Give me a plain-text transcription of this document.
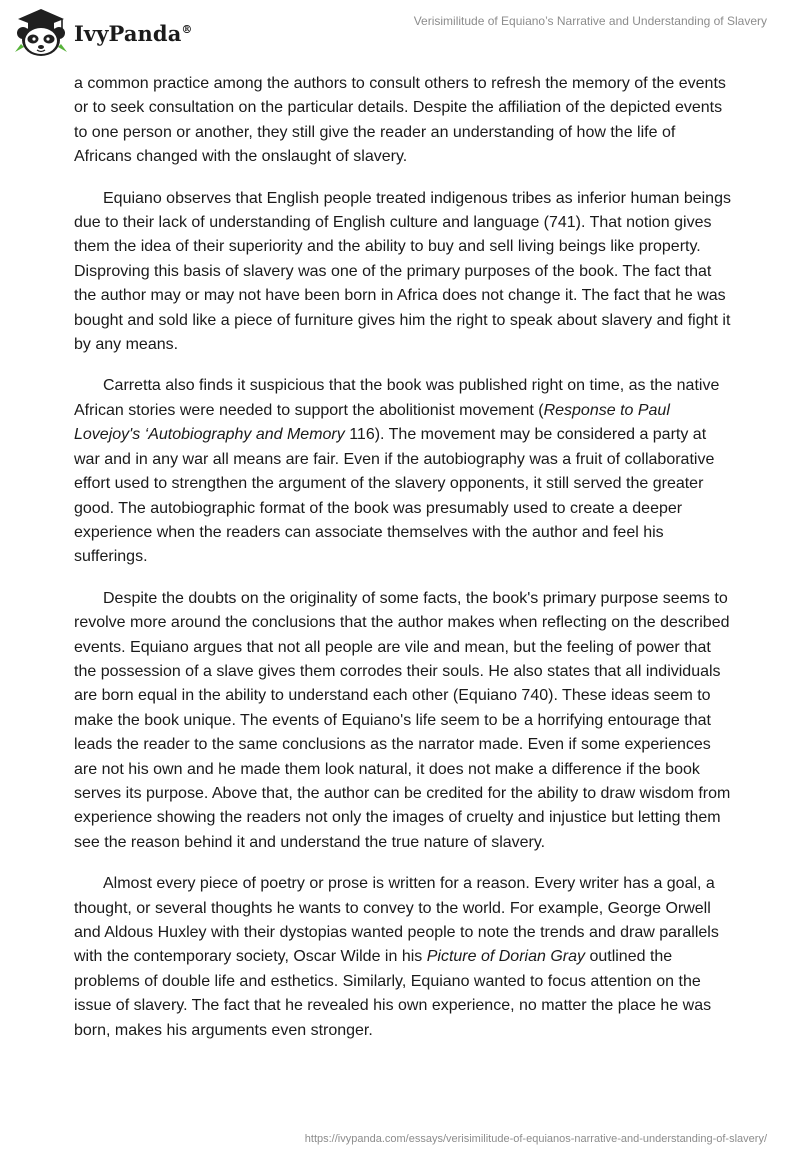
IvyPanda®
Verisimilitude of Equiano’s Narrative and Understanding of Slavery

a common practice among the authors to consult others to refresh the memory of the events or to seek consultation on the particular details. Despite the affiliation of the depicted events to one person or another, they still give the reader an understanding of how the life of Africans changed with the onslaught of slavery.

Equiano observes that English people treated indigenous tribes as inferior human beings due to their lack of understanding of English culture and language (741). That notion gives them the idea of their superiority and the ability to buy and sell living beings like property. Disproving this basis of slavery was one of the primary purposes of the book. The fact that the author may or may not have been born in Africa does not change it. The fact that he was bought and sold like a piece of furniture gives him the right to speak about slavery and fight it by any means.

Carretta also finds it suspicious that the book was published right on time, as the native African stories were needed to support the abolitionist movement (Response to Paul Lovejoy's ‘Autobiography and Memory 116). The movement may be considered a party at war and in any war all means are fair. Even if the autobiography was a fruit of collaborative effort used to strengthen the argument of the slavery opponents, it still served the greater good. The autobiographic format of the book was presumably used to create a deeper experience when the readers can associate themselves with the author and feel his sufferings.

Despite the doubts on the originality of some facts, the book's primary purpose seems to revolve more around the conclusions that the author makes when reflecting on the described events. Equiano argues that not all people are vile and mean, but the feeling of power that the possession of a slave gives them corrodes their souls. He also states that all individuals are born equal in the ability to understand each other (Equiano 740). These ideas seem to make the book unique. The events of Equiano's life seem to be a horrifying entourage that leads the reader to the same conclusions as the narrator made. Even if some experiences are not his own and he made them look natural, it does not make a difference if the book serves its purpose. Above that, the author can be credited for the ability to draw wisdom from experience showing the readers not only the images of cruelty and injustice but letting them see the reason behind it and understand the true nature of slavery.

Almost every piece of poetry or prose is written for a reason. Every writer has a goal, a thought, or several thoughts he wants to convey to the world. For example, George Orwell and Aldous Huxley with their dystopias wanted people to note the trends and draw parallels with the contemporary society, Oscar Wilde in his Picture of Dorian Gray outlined the problems of double life and esthetics. Similarly, Equiano wanted to focus attention on the issue of slavery. The fact that he revealed his own experience, no matter the place he was born, makes his arguments even stronger.

https://ivypanda.com/essays/verisimilitude-of-equianos-narrative-and-understanding-of-slavery/
